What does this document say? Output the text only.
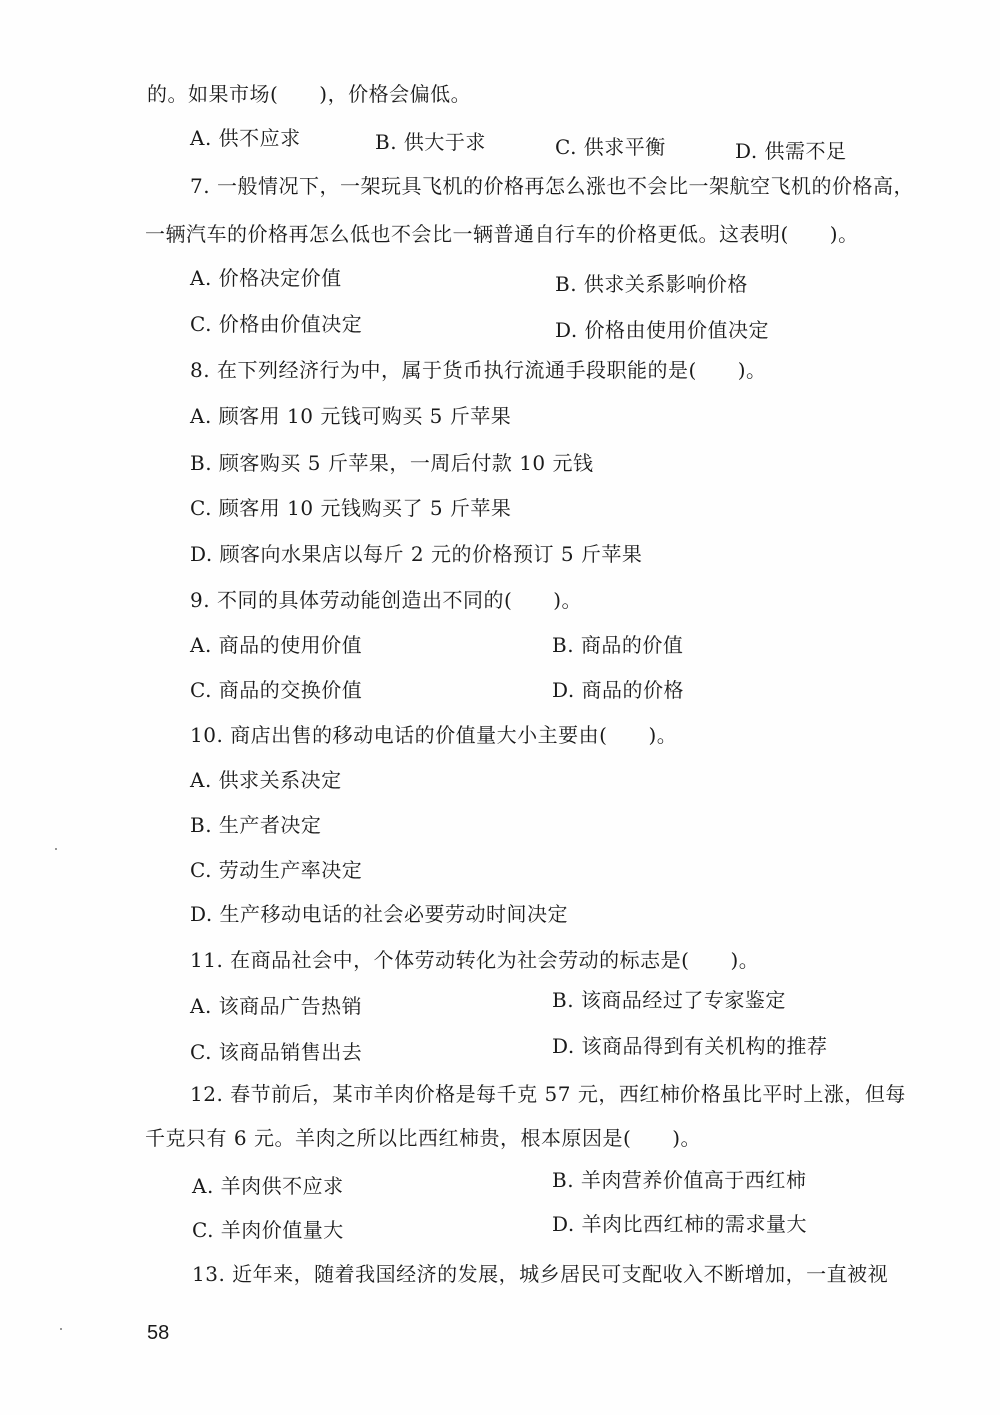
的。如果市场(　　)，价格会偏低。
A. 供不应求	B. 供大于求	C. 供求平衡	D. 供需不足
7. 一般情况下，一架玩具飞机的价格再怎么涨也不会比一架航空飞机的价格高，
一辆汽车的价格再怎么低也不会比一辆普通自行车的价格更低。这表明(　　)。
A. 价格决定价值	B. 供求关系影响价格
C. 价格由价值决定	D. 价格由使用价值决定
8. 在下列经济行为中，属于货币执行流通手段职能的是(　　)。
A. 顾客用 10 元钱可购买 5 斤苹果
B. 顾客购买 5 斤苹果，一周后付款 10 元钱
C. 顾客用 10 元钱购买了 5 斤苹果
D. 顾客向水果店以每斤 2 元的价格预订 5 斤苹果
9. 不同的具体劳动能创造出不同的(　　)。
A. 商品的使用价值	B. 商品的价值
C. 商品的交换价值	D. 商品的价格
10. 商店出售的移动电话的价值量大小主要由(　　)。
A. 供求关系决定
B. 生产者决定
C. 劳动生产率决定
D. 生产移动电话的社会必要劳动时间决定
11. 在商品社会中，个体劳动转化为社会劳动的标志是(　　)。
A. 该商品广告热销	B. 该商品经过了专家鉴定
C. 该商品销售出去	D. 该商品得到有关机构的推荐
12. 春节前后，某市羊肉价格是每千克 57 元，西红柿价格虽比平时上涨，但每
千克只有 6 元。羊肉之所以比西红柿贵，根本原因是(　　)。
A. 羊肉供不应求	B. 羊肉营养价值高于西红柿
C. 羊肉价值量大	D. 羊肉比西红柿的需求量大
13. 近年来，随着我国经济的发展，城乡居民可支配收入不断增加，一直被视
58
